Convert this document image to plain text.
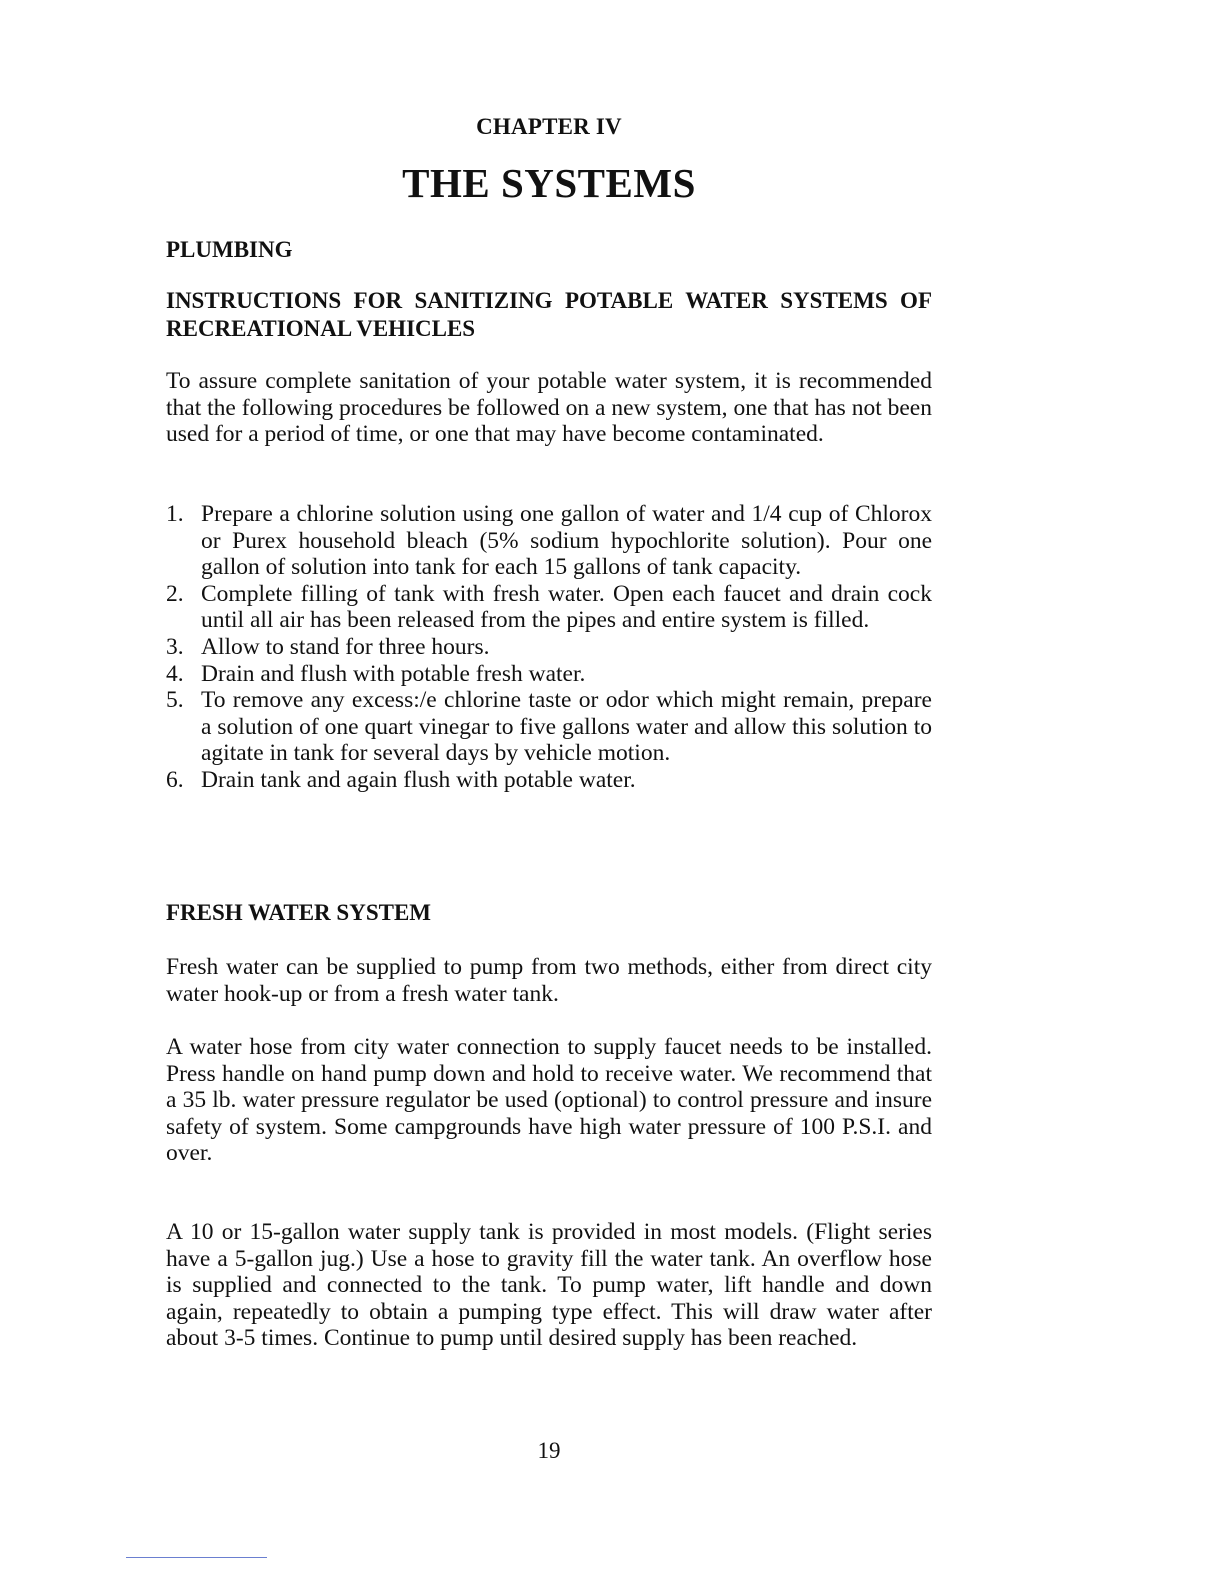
CHAPTER IV
THE SYSTEMS
PLUMBING
INSTRUCTIONS FOR SANITIZING POTABLE WATER SYSTEMS OF RECREATIONAL VEHICLES

To assure complete sanitation of your potable water system, it is recommended that the following procedures be followed on a new system, one that has not been used for a period of time, or one that may have become contaminated.

1. Prepare a chlorine solution using one gallon of water and 1/4 cup of Chlorox or Purex household bleach (5% sodium hypochlorite solution). Pour one gallon of solution into tank for each 15 gallons of tank capacity.
2. Complete filling of tank with fresh water. Open each faucet and drain cock until all air has been released from the pipes and entire system is filled.
3. Allow to stand for three hours.
4. Drain and flush with potable fresh water.
5. To remove any excess:/e chlorine taste or odor which might remain, prepare a solution of one quart vinegar to five gallons water and allow this solution to agitate in tank for several days by vehicle motion.
6. Drain tank and again flush with potable water.
FRESH WATER SYSTEM

Fresh water can be supplied to pump from two methods, either from direct city water hook-up or from a fresh water tank.

A water hose from city water connection to supply faucet needs to be installed. Press handle on hand pump down and hold to receive water. We recommend that a 35 lb. water pressure regulator be used (optional) to control pressure and insure safety of system. Some campgrounds have high water pressure of 100 P.S.I. and over.

A 10 or 15-gallon water supply tank is provided in most models. (Flight series have a 5-gallon jug.) Use a hose to gravity fill the water tank. An overflow hose is supplied and connected to the tank. To pump water, lift handle and down again, repeatedly to obtain a pumping type effect. This will draw water after about 3-5 times. Continue to pump until desired supply has been reached.

19
